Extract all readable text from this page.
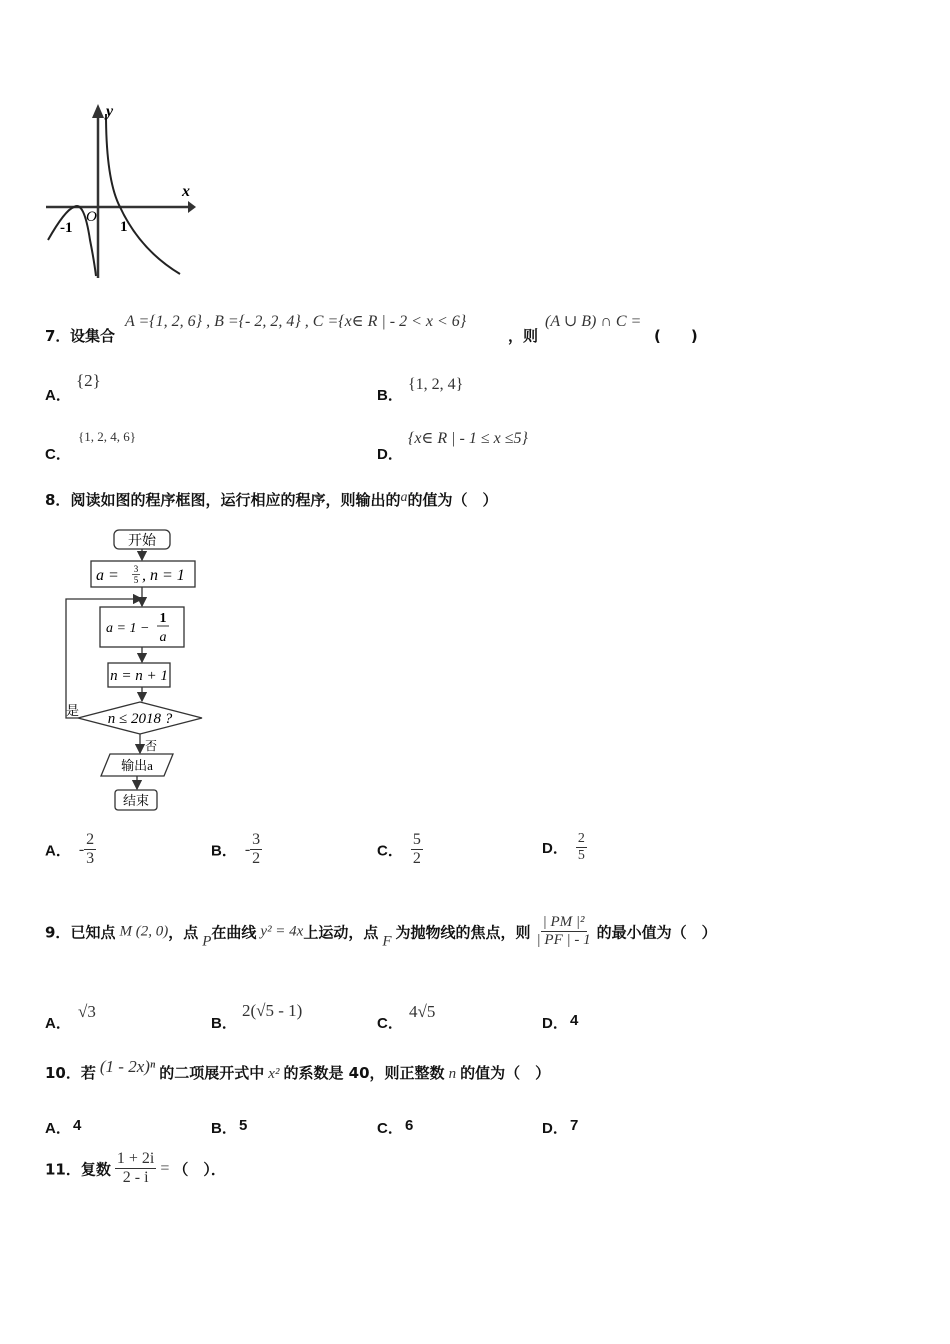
y
x
-1
O
1
7． 设集合
A ={1, 2, 6} , B ={- 2, 2, 4} , C ={x∈ R | - 2 < x < 6}
，则
(A ∪ B) ∩ C =
(　　)
A．
{2}
B．
{1, 2, 4}
C．
{1, 2, 4, 6}
D．
{x∈ R | - 1 ≤ x ≤5}
8．阅读如图的程序框图，运行相应的程序，则输出的a的值为（　）
开始
a = 3
5 , n = 1
a = 1 −
1
a
n = n + 1
n ≤ 2018 ?
是
否
输出a
结束
A． - $\frac{2}{3}$	B． - $\frac{3}{2}$	C． $\frac{5}{2}$	D． $\frac{2}{5}$
9．已知点 M (2, 0)，点 P在曲线 y² = 4x上运动，点 F 为抛物线的焦点，则 $\frac{\text{| PM |²}}{| PF | - 1}$ 的最小值为（　）
A．
√3
B．
2(√5 - 1)
C．
4√5
D． 4
10．若 (1 - 2x)ⁿ 的二项展开式中 x² 的系数是 40，则正整数 n 的值为（　）
A． 4	B． 5	C． 6	D． 7
11．复数 $\frac{1 + 2i}{2 - i}$ = （　）．
